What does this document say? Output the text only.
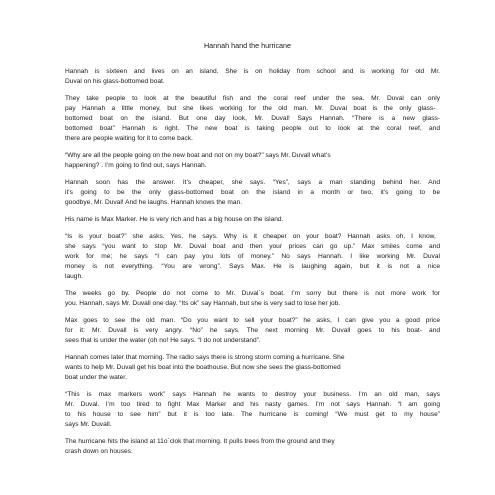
Hannah hand the hurricane

Hannah is sixteen and lives on an island. She is on holiday from school and is working for old Mr.
Duval on his glass-bottomed boat.

They take people to look at the beautiful fish and the coral reef under the sea. Mr. Duval can only
pay Hannah a little money, but she likes working for the old man. Mr. Duval boat is the only glass-
bottomed boat on the island. But one day look, Mr. Duval! Says Hannah. “There is a new glass-
bottomed boat” Hannah is right. The new boat is taking people out to look at the coral reef, and
there are people waiting for it to come back.

“Why are all the people going on the new boat and not on my boat?” says Mr. Duvall what’s
happening? . I’m going to find out, says Hannah.

Hannah soon has the answer. It’s cheaper, she says. “Yes”, says a man standing behind her. And
it’s going to be the only glass-bottomed boat on the island in a month or two, it’s going to be
goodbye, Mr. Duval! And he laughs. Hannah knows the man.

His name is Max Marker. He is very rich and has a big house on the island.

“Is is your boat?” she asks. Yes, he says. Why is it cheaper on your boat? Hannah asks oh, I know,
she says “you want to stop Mr. Duval boat and then your prices can go up.” Max smiles come and
work for me; he says “I can pay you lots of money.” No says Hannah. I like working Mr. Duval
money is not everything. “You are wrong”. Says Max. He is laughing again, but it is not a nice
laugh.

The weeks go by. People do not come to Mr. Duval´s boat. I’m sorry but there is not more work for
you. Hannah, says Mr. Duvall one day. “Its ok” say Hannah, but she is very sad to lose her job.

Max goes to see the old man. “Do you want to sell your boat?” he asks, I can give you a good price
for it: Mr. Duvall is very angry. “No” he says. The next morning Mr. Duvall goes to his boat- and
sees that is under the water (oh no! He says. “I do not understand”.

Hannah comes later that morning. The radio says there is strong storm coming a hurricane. She
wants to help Mr. Duvall get his boat into the boathouse. But now she sees the glass-bottomed
boat under the water.

“This is max markers work” says Hannah he wants to destroy your business. I’m an old man, says
Mr. Duval. I’m too tired to fight Max Marker and his nasty games. I’m not says Hannah. “I am going
to his house to see him” but it is too late. The hurricane is coming! “We must get to my house”
says Mr. Duvall.

The hurricane hits the island at 11o´clok that morning. It pulls trees from the ground and they
crash down on houses.
